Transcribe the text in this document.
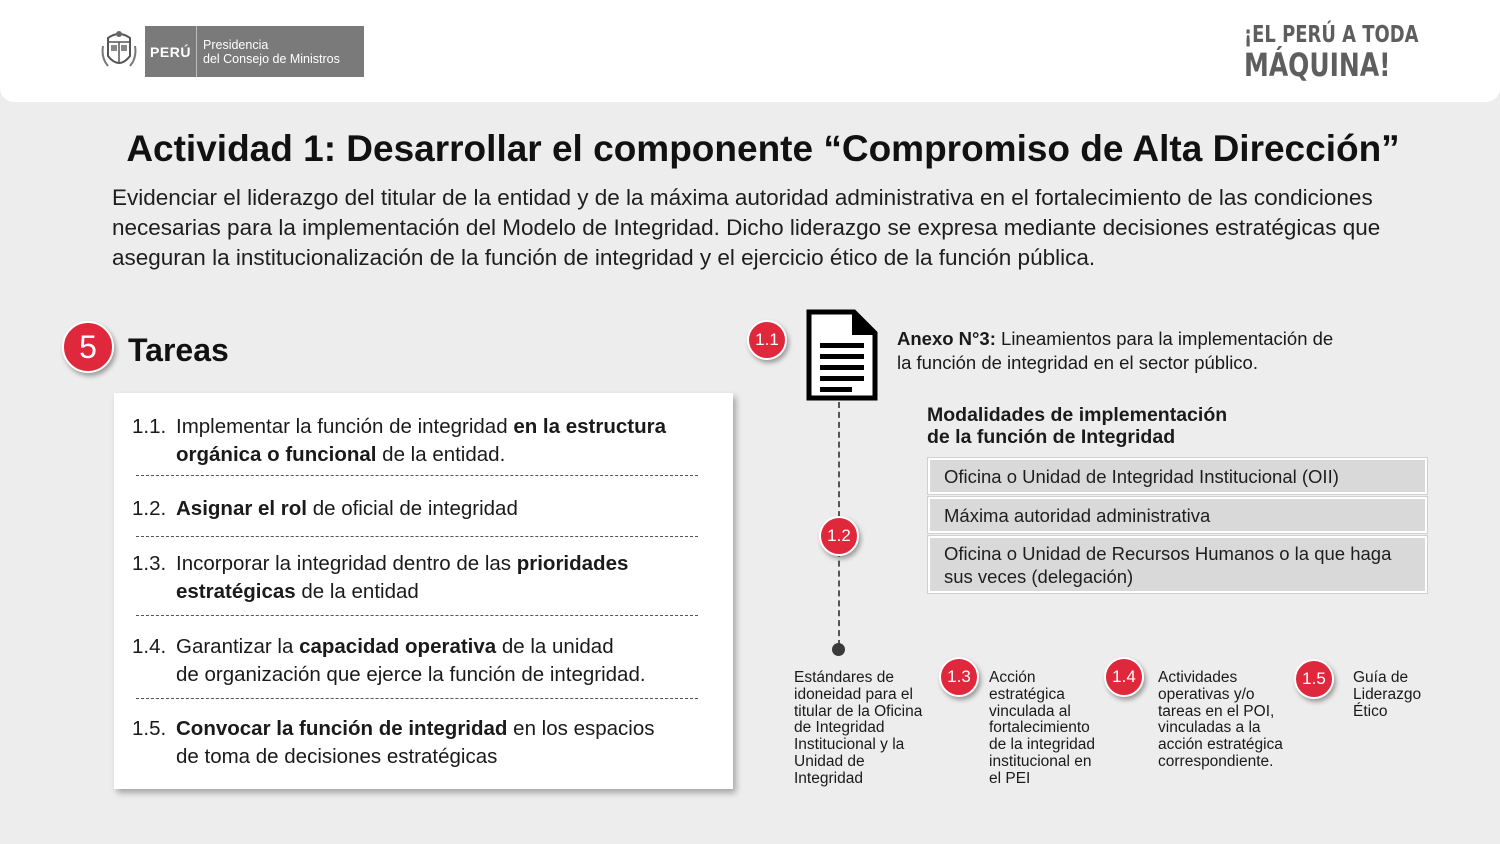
PERÚ Presidencia
del Consejo de Ministros
¡EL PERÚ A TODA
MÁQUINA!
Actividad 1: Desarrollar el componente “Compromiso de Alta Dirección”
Evidenciar el liderazgo del titular de la entidad y de la máxima autoridad administrativa en el fortalecimiento de las condiciones necesarias para la implementación del Modelo de Integridad. Dicho liderazgo se expresa mediante decisiones estratégicas que aseguran la institucionalización de la función de integridad y el ejercicio ético de la función pública.
5 Tareas
1.1. Implementar la función de integridad en la estructura
orgánica o funcional de la entidad.
1.2. Asignar el rol de oficial de integridad
1.3. Incorporar la integridad dentro de las prioridades
estratégicas de la entidad
1.4. Garantizar la capacidad operativa de la unidad
de organización que ejerce la función de integridad.
1.5. Convocar la función de integridad en los espacios
de toma de decisiones estratégicas
1.1
1.2
Anexo N°3: Lineamientos para la implementación de
la función de integridad en el sector público.
Modalidades de implementación
de la función de Integridad
Oficina o Unidad de Integridad Institucional (OII)
Máxima autoridad administrativa
Oficina o Unidad de Recursos Humanos o la que haga sus veces (delegación)
Estándares de idoneidad para el titular de la Oficina de Integridad Institucional y la Unidad de Integridad
1.3	Acción estratégica vinculada al fortalecimiento de la integridad institucional en el PEI
1.4	Actividades operativas y/o tareas en el POI, vinculadas a la acción estratégica correspondiente.
1.5	Guía de Liderazgo Ético
